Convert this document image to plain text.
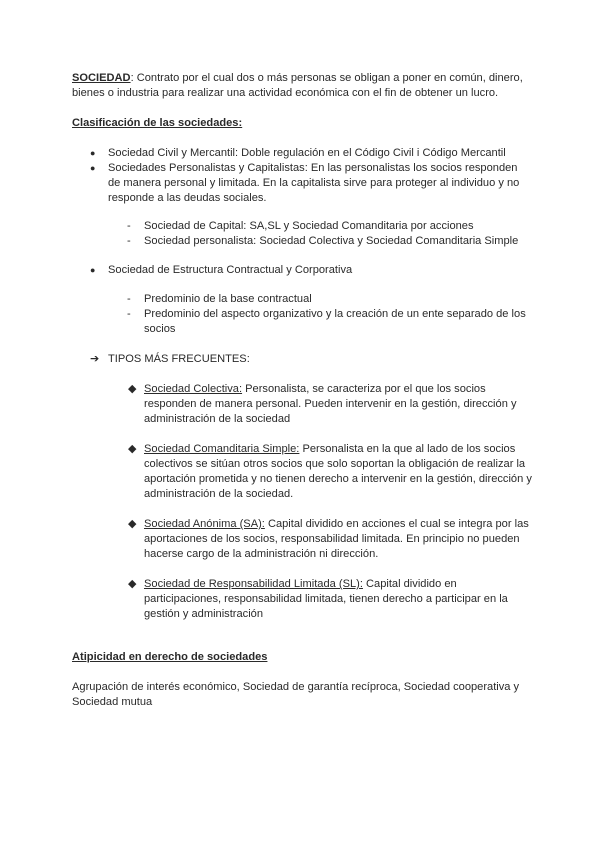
SOCIEDAD: Contrato por el cual dos o más personas se obligan a poner en común, dinero, bienes o industria para realizar una actividad económica con el fin de obtener un lucro.

Clasificación de las sociedades:

● Sociedad Civil y Mercantil: Doble regulación en el Código Civil i Código Mercantil
● Sociedades Personalistas y Capitalistas: En las personalistas los socios responden de manera personal y limitada. En la capitalista sirve para proteger al individuo y no responde a las deudas sociales.
- Sociedad de Capital: SA,SL y Sociedad Comanditaria por acciones
- Sociedad personalista: Sociedad Colectiva y Sociedad Comanditaria Simple
● Sociedad de Estructura Contractual y Corporativa
- Predominio de la base contractual
- Predominio del aspecto organizativo y la creación de un ente separado de los socios

➔ TIPOS MÁS FRECUENTES:

◆ Sociedad Colectiva: Personalista, se caracteriza por el que los socios responden de manera personal. Pueden intervenir en la gestión, dirección y administración de la sociedad

◆ Sociedad Comanditaria Simple: Personalista en la que al lado de los socios colectivos se sitúan otros socios que solo soportan la obligación de realizar la aportación prometida y no tienen derecho a intervenir en la gestión, dirección y administración de la sociedad.

◆ Sociedad Anónima (SA): Capital dividido en acciones el cual se integra por las aportaciones de los socios, responsabilidad limitada. En principio no pueden hacerse cargo de la administración ni dirección.

◆ Sociedad de Responsabilidad Limitada (SL): Capital dividido en participaciones, responsabilidad limitada, tienen derecho a participar en la gestión y administración

Atipicidad en derecho de sociedades

Agrupación de interés económico, Sociedad de garantía recíproca, Sociedad cooperativa y Sociedad mutua
